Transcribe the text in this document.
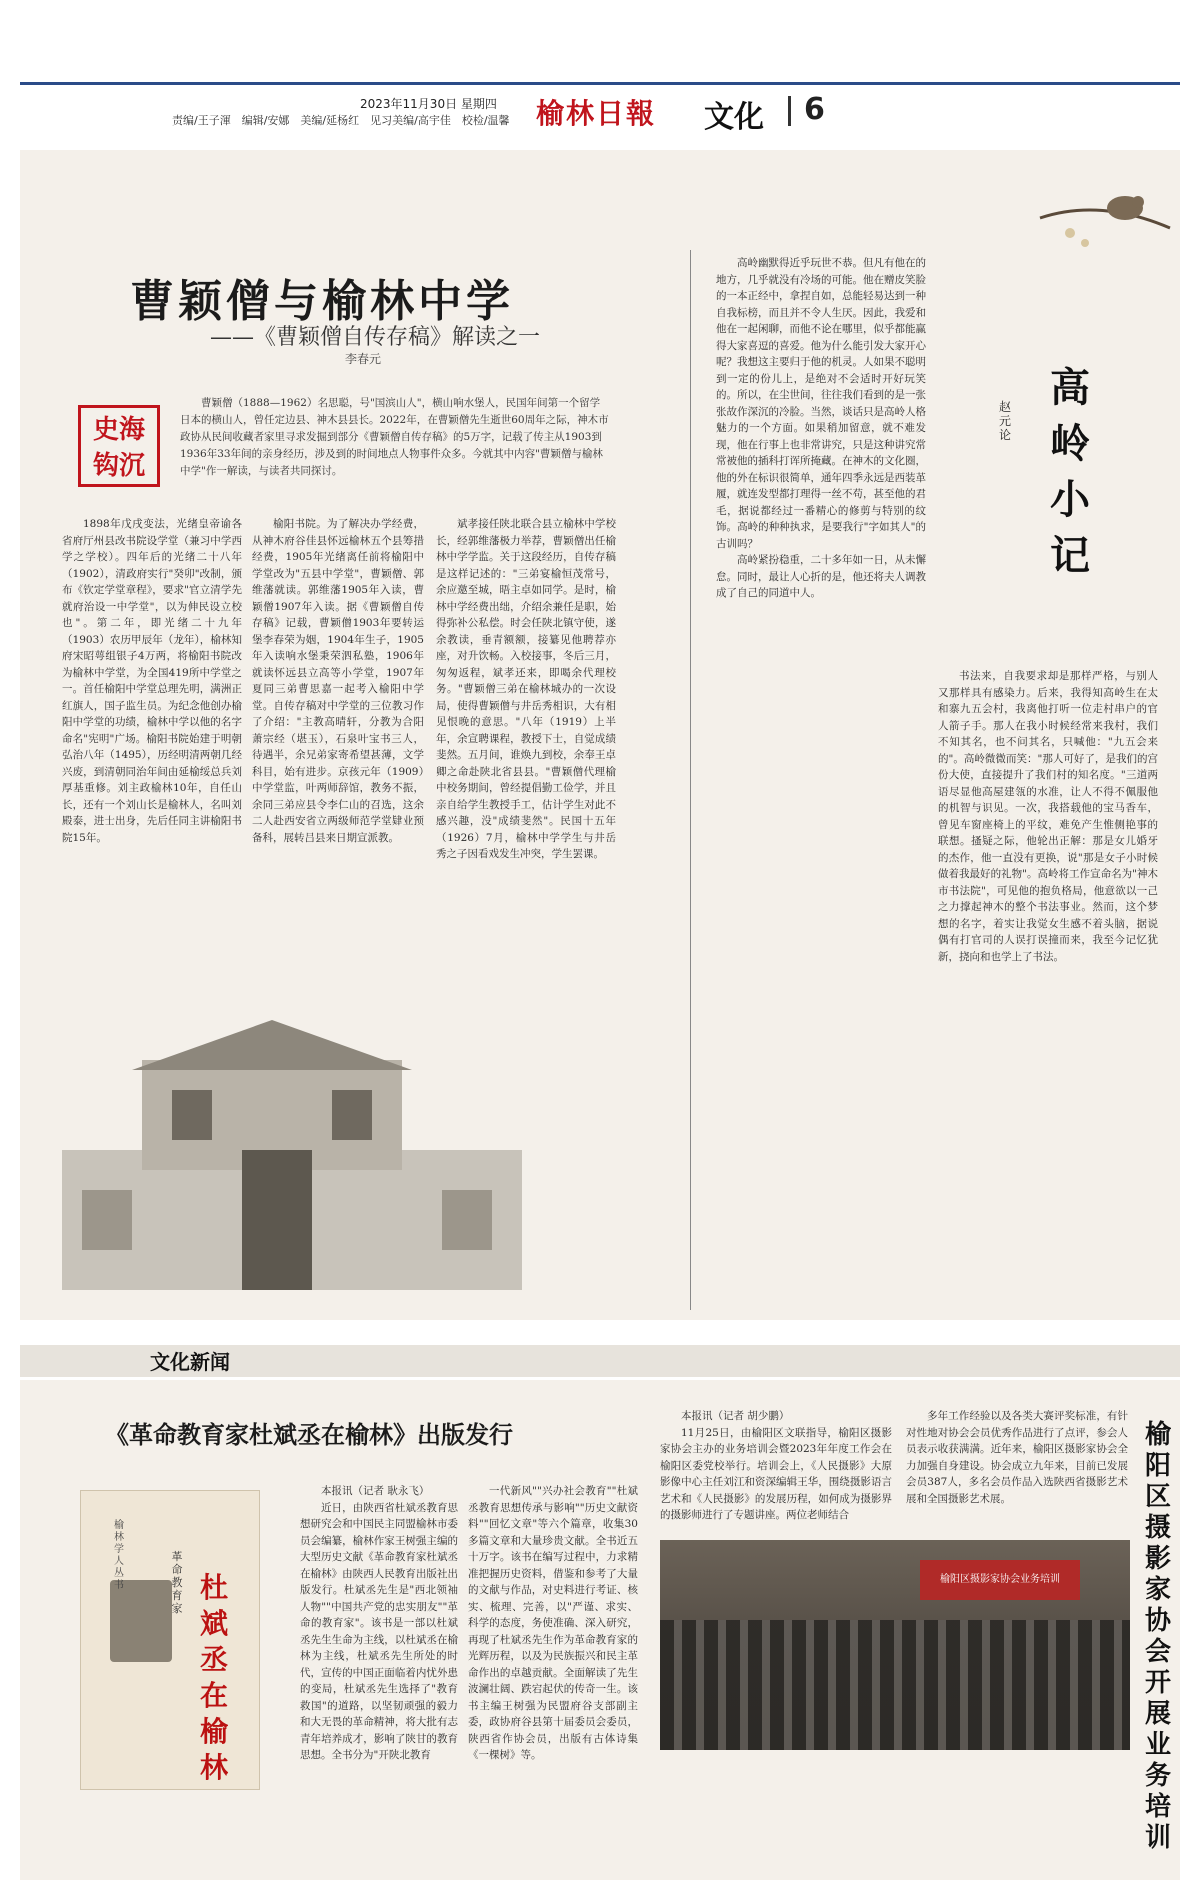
2023年11月30日 星期四
责编/王子渾　编辑/安娜　美编/延杨红　见习美编/高宇佳　校检/温馨 榆林日報 文化 6
曹颖僧与榆林中学
——《曹颖僧自传存稿》解读之一
李春元
史海钩沉
曹颖僧（1888—1962）名思聪，号"国滨山人"，横山响水堡人，民国年间第一个留学日本的横山人，曾任定边县、神木县县长。2022年，在曹颖僧先生逝世60周年之际，神木市政协从民间收藏者家里寻求发掘到部分《曹颖僧自传存稿》的5万字，记载了传主从1903到1936年33年间的亲身经历，涉及到的时间地点人物事件众多。今就其中内容"曹颖僧与榆林中学"作一解读，与读者共同探讨。

1898年戊戌变法，光绪皇帝谕各省府厅州县改书院设学堂（兼习中学西学之学校）。四年后的光绪二十八年（1902），清政府实行"癸卯"改制，颁布《钦定学堂章程》，要求"官立清学先就府治设一中学堂"，以为伸民设立校也"。第二年，即光绪二十九年（1903）农历甲辰年（龙年），榆林知府宋昭萼组银子4万两，将榆阳书院改为榆林中学堂，为全国419所中学堂之一。首任榆阳中学堂总理先明，满洲正红旗人，国子监生员。为纪念他创办榆阳中学堂的功绩，榆林中学以他的名字命名"宪明"广场。榆阳书院始建于明朝弘治八年（1495），历经明清两朝几经兴废，到清朝同治年间由延榆绥总兵刘厚基重修。刘主政榆林10年，自任山长，还有一个刘山长是榆林人，名叫刘殿泰，进士出身，先后任同主讲榆阳书院15年。

榆阳书院。为了解决办学经费，从神木府谷佳县怀远榆林五个县筹措经费，1905年光绪离任前将榆阳中学堂改为"五县中学堂"，曹颖僧、郭维藩就读。郭维藩1905年入读，曹颖僧1907年入读。据《曹颖僧自传存稿》记载，曹颖僧1903年要转运堡李春荣为姻，1904年生子，1905年入读响水堡秉荣泗私塾，1906年就读怀远县立高等小学堂，1907年夏同三弟曹思嘉一起考入榆阳中学堂。自传存稿对中学堂的三位教习作了介绍："主教高晴轩，分教为合阳萧宗经（堪玉），石泉叶宝书三人，待遇半，余兄弟家寄希望甚薄，文学科目，始有进步。京孩元年（1909）中学堂监，叶两师辞馆，教务不振，余同三弟应县令李仁山的召选，这余二人赴西安省立两级师范学堂肄业预备科，展转吕县来日期宣派教。

斌孝接任陕北联合县立榆林中学校长，经郭维藩极力举荐，曹颖僧出任榆林中学学监。关于这段经历，自传存稿是这样记述的："三弟宴榆恒茂常号，余应邀至城，晤主卓如同学。是时，榆林中学经费出绌，介绍余兼任是职，始得弥补公私偿。时会任陕北镇守使，遂余教读，垂青额额，接纂见他聘荐亦座，对升饮畅。入校接事，冬后三月，匆匆返程，斌孝还来，即喝余代理校务。"曹颖僧三弟在榆林城办的一次设局，使得曹颖僧与井岳秀相识，大有相见恨晚的意思。"八年（1919）上半年，余宣聘课程，教授下士，自觉成绩斐然。五月间，谁焕九到校，余奉王卓卿之命赴陕北省县县。"曹颖僧代理榆中校务期间，曾经提倡勤工俭学，并且亲自给学生教授手工，估计学生对此不感兴趣，没"成绩斐然"。民国十五年（1926）7月，榆林中学学生与井岳秀之子因看戏发生冲突，学生罢课。

高岭小记
赵元论

高岭幽默得近乎玩世不恭。但凡有他在的地方，几乎就没有冷场的可能。他在赠皮笑脸的一本正经中，拿捏自如，总能轻易达到一种自我标榜，而且并不令人生厌。因此，我爱和他在一起闲聊，而他不论在哪里，似乎都能赢得大家喜逗的喜爱。他为什么能引发大家开心呢？我想这主要归于他的机灵。人如果不聪明到一定的份儿上，是绝对不会适时开好玩笑的。所以，在尘世间，往往我们看到的是一张张故作深沉的冷脸。当然，谈话只是高岭人格魅力的一个方面。如果稍加留意，就不难发现，他在行事上也非常讲究，只是这种讲究常常被他的插科打诨所掩藏。在神木的文化圈，他的外在标识很简单，通年四季永远是西装革履，就连发型都打理得一丝不苟，甚至他的君毛，据说都经过一番精心的修剪与特别的纹饰。高岭的种种执求，是要我行"字如其人"的古训吗？

高岭紧扮稳重，二十多年如一日，从未懈怠。同时，最让人心折的是，他还将夫人调教成了自己的同道中人。

书法来，自我要求却是那样严格，与别人又那样具有感染力。后来，我得知高岭生在太和寨九五会村，我离他打听一位走村串户的官人箭子手。那人在我小时候经常来我村，我们不知其名，也不问其名，只喊他："九五会来的"。高岭微微而笑："那人可好了，是我们的宫份大使，直接提升了我们村的知名度。"三道两语尽显他高屋建瓴的水准，让人不得不佩服他的机智与识见。一次，我搭载他的宝马香车，曾见车窗座椅上的平纹，难免产生惟侧艳事的联想。搔疑之际，他轮出正解：那是女儿婚牙的杰作，他一直没有更换，说"那是女子小时候做着我最好的礼物"。高岭将工作宣命名为"神木市书法院"，可见他的抱负格局，他意欲以一己之力撑起神木的整个书法事业。然而，这个梦想的名字，着实让我觉女生感不着头脑，据说偶有打官司的人误打误撞而来，我至今记忆犹新，挠向和也学上了书法。

文化新闻
《革命教育家杜斌丞在榆林》出版发行
榆林学人丛书
革命教育家
杜斌丞在榆林

本报讯（记者 耿永飞）

近日，由陕西省杜斌丞教育思想研究会和中国民主同盟榆林市委员会编纂，榆林作家王树强主编的大型历史文献《革命教育家杜斌丞在榆林》由陕西人民教育出版社出版发行。杜斌丞先生是"西北领袖人物""中国共产党的忠实朋友""革命的教育家"。该书是一部以杜斌丞先生生命为主线，以杜斌丞在榆林为主线，杜斌丞先生所处的时代，宣传的中国正面临着内忧外患的变局，杜斌丞先生选择了"教育救国"的道路，以坚韧顽强的毅力和大无畏的革命精神，将大批有志青年培养成才，影响了陕甘的教育思想。全书分为"开陕北教育

一代新风""兴办社会教育""杜斌丞教育思想传承与影响""历史文献资料""回忆文章"等六个篇章，收集30多篇文章和大量珍贵文献。全书近五十万字。该书在编写过程中，力求精准把握历史资料，借鉴和参考了大量的文献与作品，对史料进行考证、核实、梳理、完善，以"严谨、求实、科学的态度，务使准确、深入研究，再现了杜斌丞先生作为革命教育家的光辉历程，以及为民族振兴和民主革命作出的卓越贡献。全面解读了先生波澜壮阔、跌宕起伏的传奇一生。该书主编王树强为民盟府谷支部副主委，政协府谷县第十届委员会委员，陕西省作协会员，出版有古体诗集《一棵树》等。

榆阳区摄影家协会开展业务培训

本报讯（记者 胡少鹏）

11月25日，由榆阳区文联指导，榆阳区摄影家协会主办的业务培训会暨2023年年度工作会在榆阳区委党校举行。培训会上，《人民摄影》大原影像中心主任刘江和资深编辑王华，围绕摄影语言艺术和《人民摄影》的发展历程，如何成为摄影界的摄影师进行了专题讲座。两位老师结合

多年工作经验以及各类大赛评奖标准，有针对性地对协会会员优秀作品进行了点评，参会人员表示收获满满。近年来，榆阳区摄影家协会全力加强自身建设。协会成立九年来，目前已发展会员387人，多名会员作品入选陕西省摄影艺术展和全国摄影艺术展。

榆阳区摄影家协会业务培训
